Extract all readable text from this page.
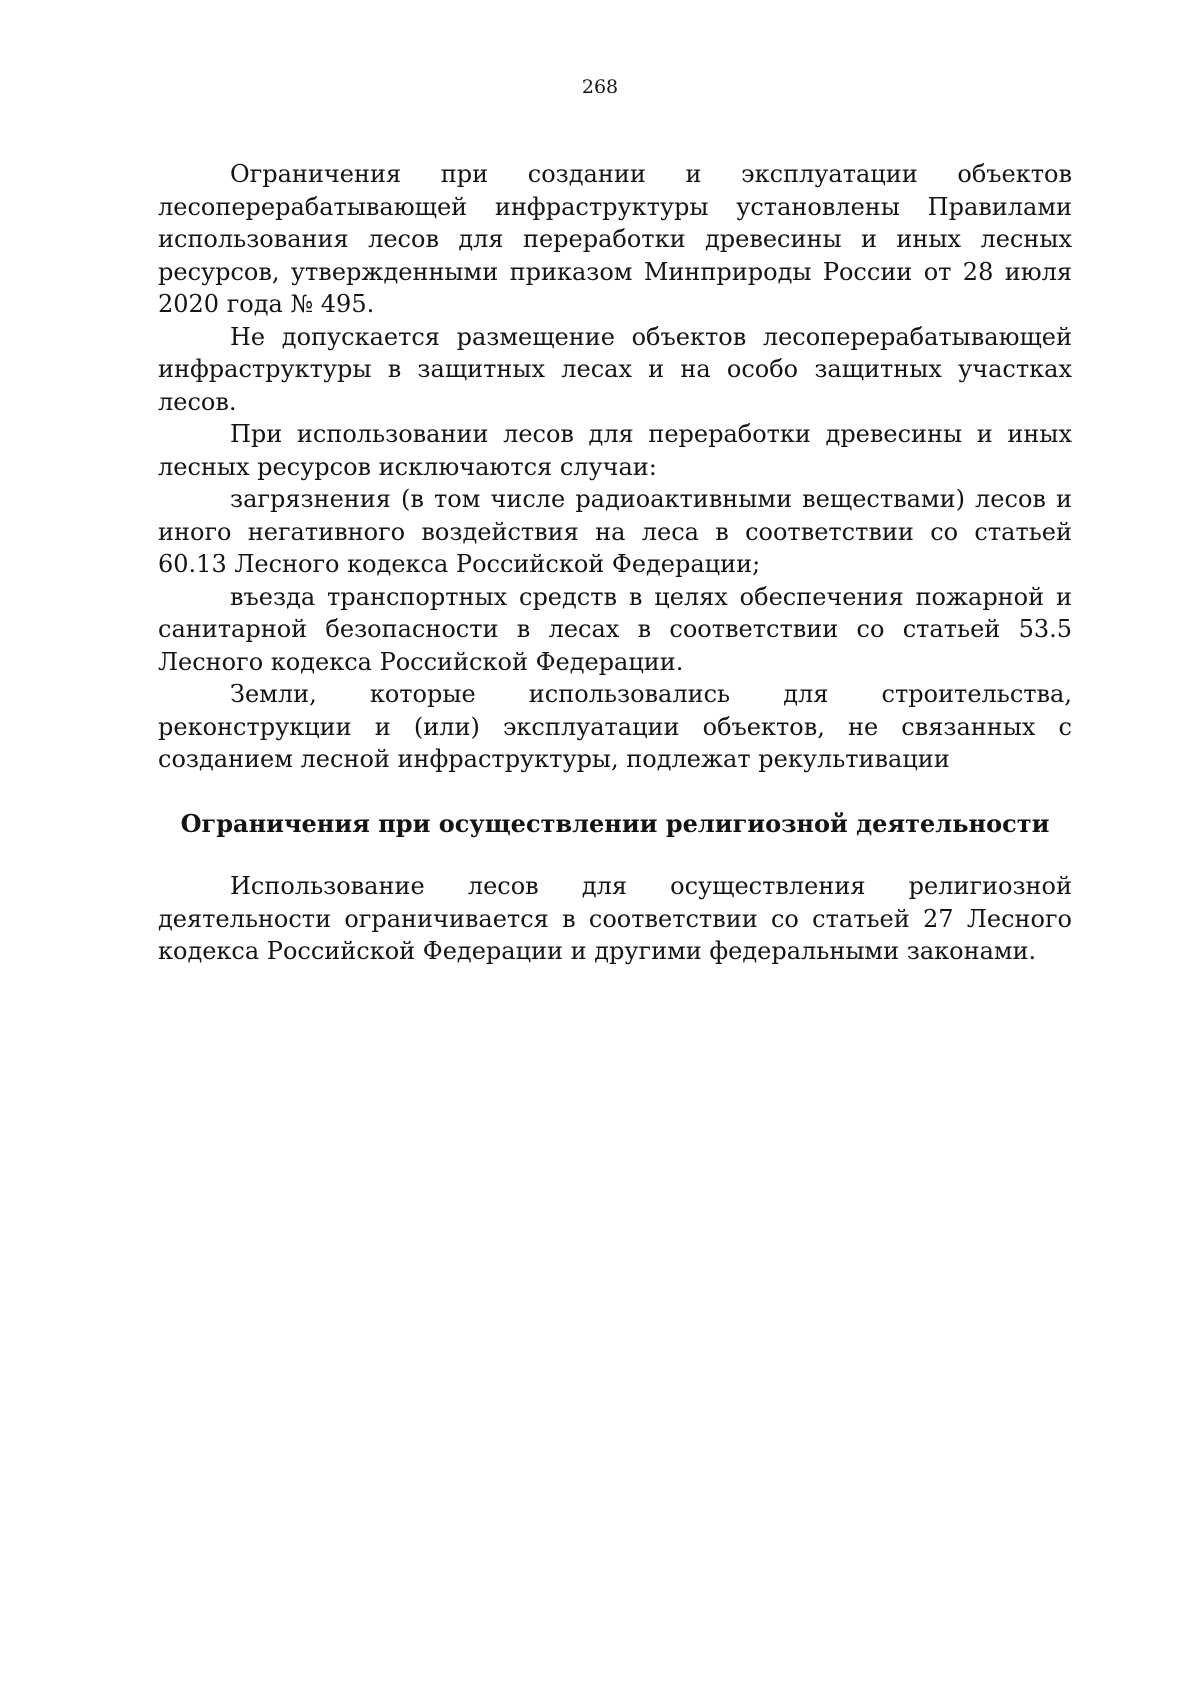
268

Ограничения при создании и эксплуатации объектов лесоперерабатывающей инфраструктуры установлены Правилами использования лесов для переработки древесины и иных лесных ресурсов, утвержденными приказом Минприроды России от 28 июля 2020 года № 495.

Не допускается размещение объектов лесоперерабатывающей инфраструктуры в защитных лесах и на особо защитных участках лесов.

При использовании лесов для переработки древесины и иных лесных ресурсов исключаются случаи:

загрязнения (в том числе радиоактивными веществами) лесов и иного негативного воздействия на леса в соответствии со статьей 60.13 Лесного кодекса Российской Федерации;

въезда транспортных средств в целях обеспечения пожарной и санитарной безопасности в лесах в соответствии со статьей 53.5 Лесного кодекса Российской Федерации.

Земли, которые использовались для строительства, реконструкции и (или) эксплуатации объектов, не связанных с созданием лесной инфраструктуры, подлежат рекультивации

Ограничения при осуществлении религиозной деятельности

Использование лесов для осуществления религиозной деятельности ограничивается в соответствии со статьей 27 Лесного кодекса Российской Федерации и другими федеральными законами.
